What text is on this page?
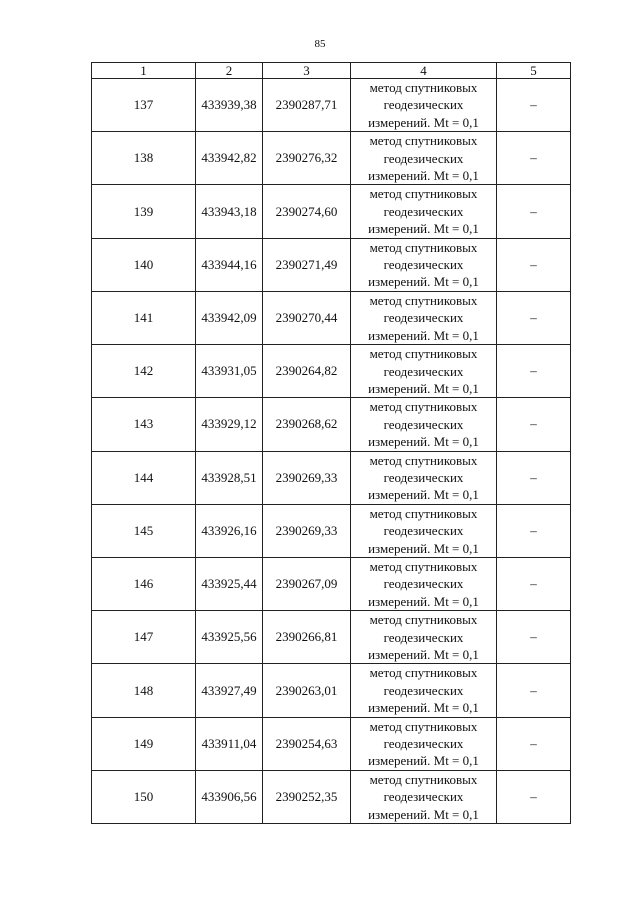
85
1	2	3	4	5
137	433939,38	2390287,71	метод спутниковых геодезических измерений. Mt = 0,1	–
138	433942,82	2390276,32	метод спутниковых геодезических измерений. Mt = 0,1	–
139	433943,18	2390274,60	метод спутниковых геодезических измерений. Mt = 0,1	–
140	433944,16	2390271,49	метод спутниковых геодезических измерений. Mt = 0,1	–
141	433942,09	2390270,44	метод спутниковых геодезических измерений. Mt = 0,1	–
142	433931,05	2390264,82	метод спутниковых геодезических измерений. Mt = 0,1	–
143	433929,12	2390268,62	метод спутниковых геодезических измерений. Mt = 0,1	–
144	433928,51	2390269,33	метод спутниковых геодезических измерений. Mt = 0,1	–
145	433926,16	2390269,33	метод спутниковых геодезических измерений. Mt = 0,1	–
146	433925,44	2390267,09	метод спутниковых геодезических измерений. Mt = 0,1	–
147	433925,56	2390266,81	метод спутниковых геодезических измерений. Mt = 0,1	–
148	433927,49	2390263,01	метод спутниковых геодезических измерений. Mt = 0,1	–
149	433911,04	2390254,63	метод спутниковых геодезических измерений. Mt = 0,1	–
150	433906,56	2390252,35	метод спутниковых геодезических измерений. Mt = 0,1	–
